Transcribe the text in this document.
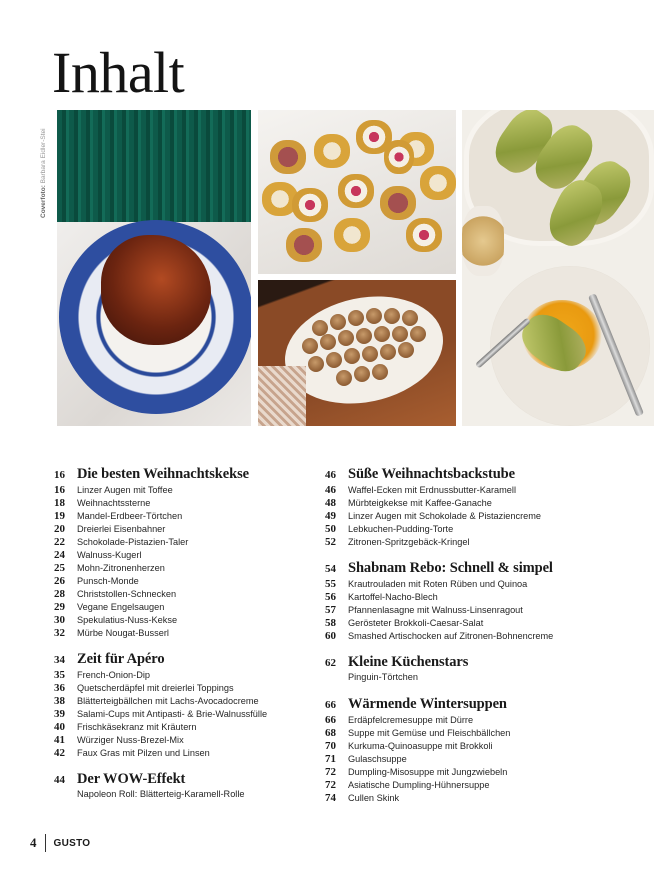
Inhalt
Coverfoto: Barbara Eidler-Stei
16 Die besten Weihnachtskekse
16	Linzer Augen mit Toffee
18	Weihnachtssterne
19	Mandel-Erdbeer-Törtchen
20	Dreierlei Eisenbahner
22	Schokolade-Pistazien-Taler
24	Walnuss-Kugerl
25	Mohn-Zitronenherzen
26	Punsch-Monde
28	Christstollen-Schnecken
29	Vegane Engelsaugen
30	Spekulatius-Nuss-Kekse
32	Mürbe Nougat-Busserl
34 Zeit für Apéro
35	French-Onion-Dip
36	Quetscherdäpfel mit dreierlei Toppings
38	Blätterteigbällchen mit Lachs-Avocadocreme
39	Salami-Cups mit Antipasti- & Brie-Walnussfülle
40	Frischkäsekranz mit Kräutern
41	Würziger Nuss-Brezel-Mix
42	Faux Gras mit Pilzen und Linsen
44 Der WOW-Effekt
Napoleon Roll: Blätterteig-Karamell-Rolle
46 Süße Weihnachtsbackstube
46	Waffel-Ecken mit Erdnussbutter-Karamell
48	Mürbteigkekse mit Kaffee-Ganache
49	Linzer Augen mit Schokolade & Pistaziencreme
50	Lebkuchen-Pudding-Torte
52	Zitronen-Spritzgebäck-Kringel
54 Shabnam Rebo: Schnell & simpel
55	Krautrouladen mit Roten Rüben und Quinoa
56	Kartoffel-Nacho-Blech
57	Pfannenlasagne mit Walnuss-Linsenragout
58	Gerösteter Brokkoli-Caesar-Salat
60	Smashed Artischocken auf Zitronen-Bohnencreme
62 Kleine Küchenstars
Pinguin-Törtchen
66 Wärmende Wintersuppen
66	Erdäpfelcremesuppe mit Dürre
68	Suppe mit Gemüse und Fleischbällchen
70	Kurkuma-Quinoasuppe mit Brokkoli
71	Gulaschsuppe
72	Dumpling-Misosuppe mit Jungzwiebeln
72	Asiatische Dumpling-Hühnersuppe
74	Cullen Skink
4 GUSTO
